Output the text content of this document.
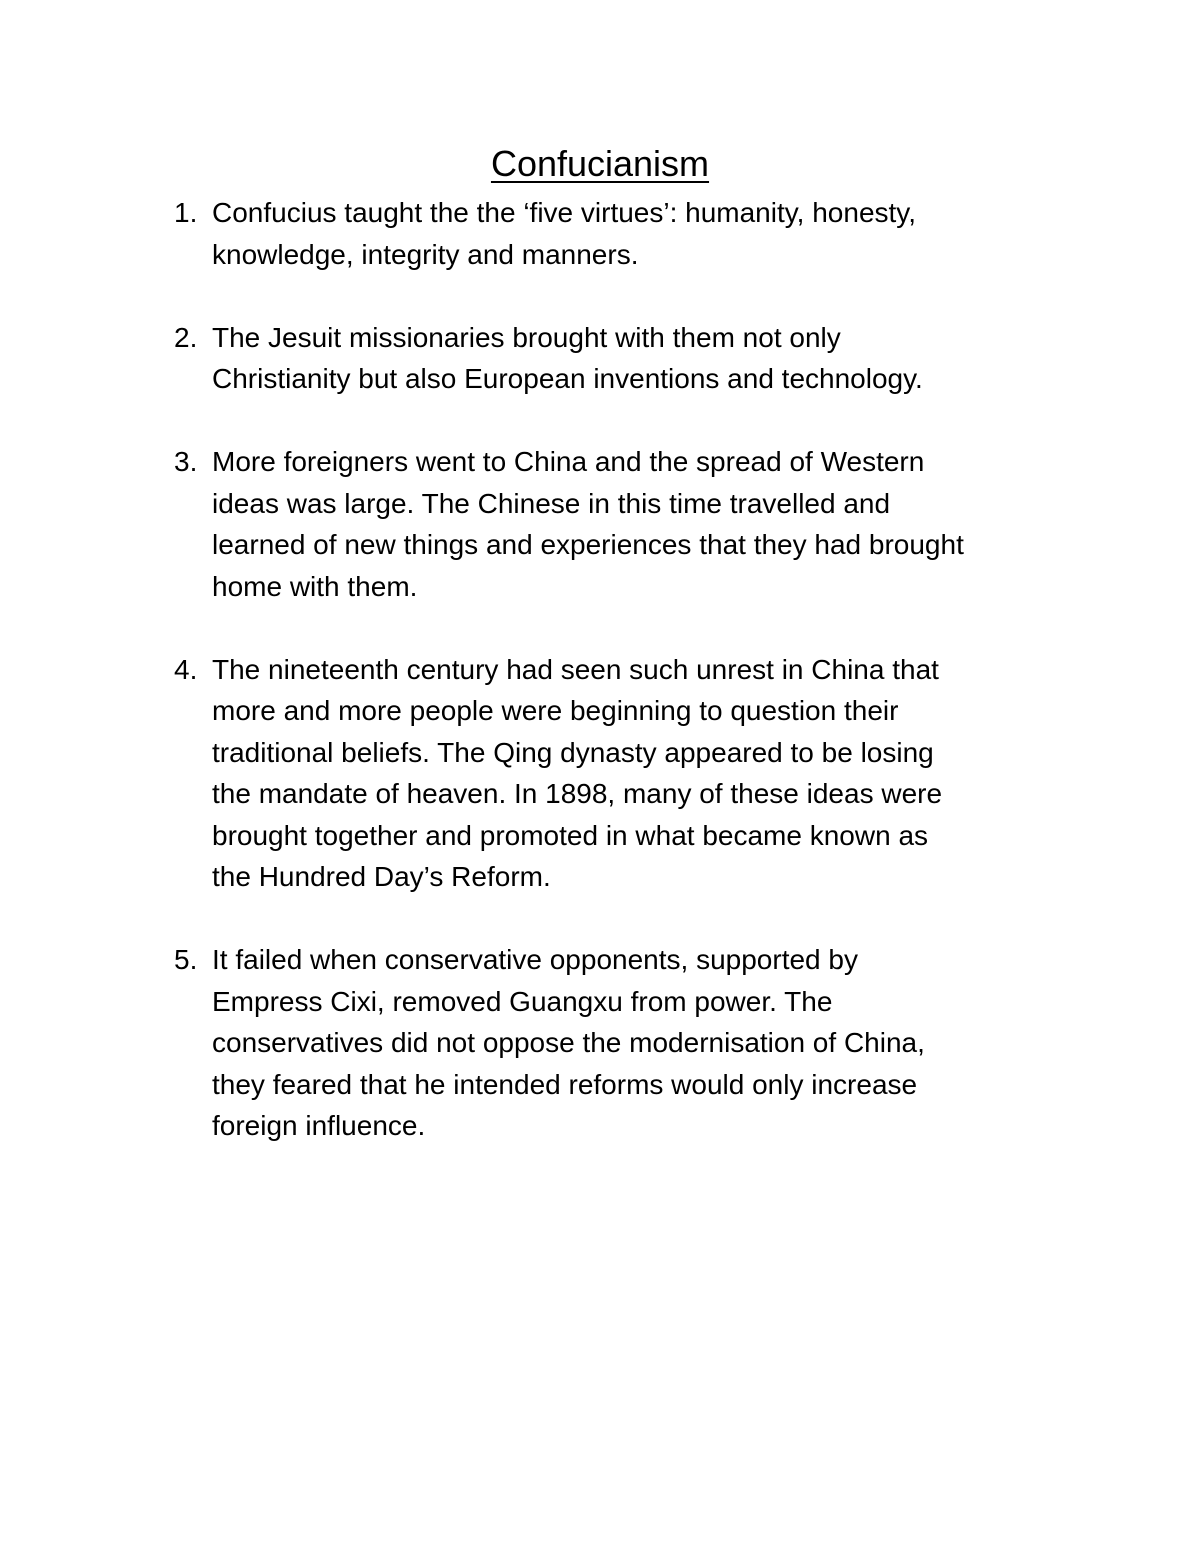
Confucianism
1. Confucius taught the the ‘five virtues’: humanity, honesty,
knowledge, integrity and manners.
2. The Jesuit missionaries brought with them not only
Christianity but also European inventions and technology.
3. More foreigners went to China and the spread of Western
ideas was large. The Chinese in this time travelled and
learned of new things and experiences that they had brought
home with them.
4. The nineteenth century had seen such unrest in China that
more and more people were beginning to question their
traditional beliefs. The Qing dynasty appeared to be losing
the mandate of heaven. In 1898, many of these ideas were
brought together and promoted in what became known as
the Hundred Day’s Reform.
5. It failed when conservative opponents, supported by
Empress Cixi, removed Guangxu from power. The
conservatives did not oppose the modernisation of China,
they feared that he intended reforms would only increase
foreign influence.
